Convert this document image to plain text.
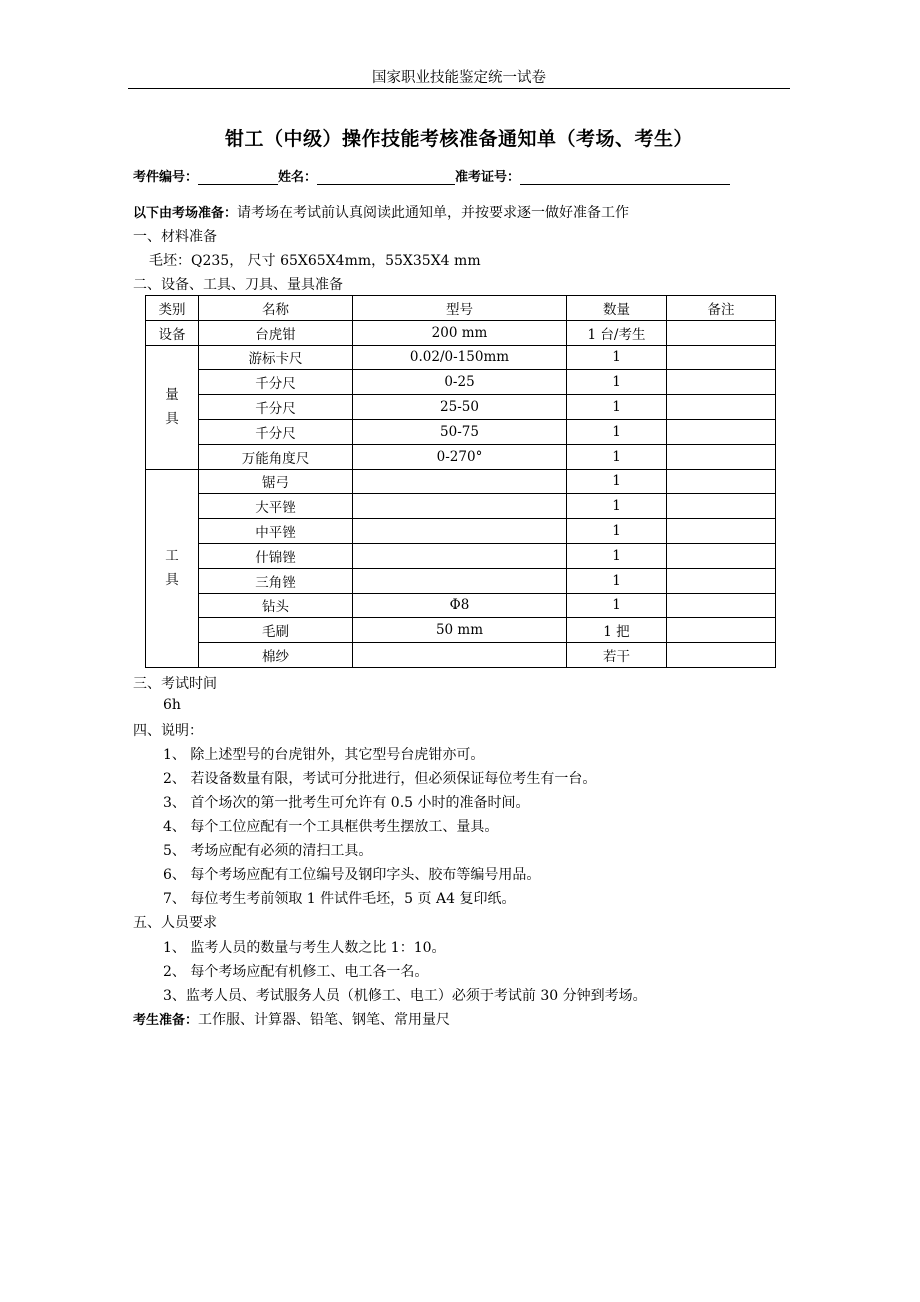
国家职业技能鉴定统一试卷
钳工（中级）操作技能考核准备通知单（考场、考生）
考件编号：	姓名：	准考证号：
以下由考场准备：请考场在考试前认真阅读此通知单，并按要求逐一做好准备工作
一、材料准备
毛坯：Q235， 尺寸 65X65X4mm，55X35X4 mm
二、设备、工具、刀具、量具准备
类别	名称	型号	数量	备注
设备	台虎钳	200 mm	1 台/考生	

量
具	游标卡尺	0.02/0-150mm	1	
	千分尺	0-25	1	
	千分尺	25-50	1	
	千分尺	50-75	1	
	万能角度尺	0-270°	1	

工
具	锯弓		1	
	大平锉		1	
	中平锉		1	
	什锦锉		1	
	三角锉		1	
	钻头	Φ8	1	
	毛刷	50 mm	1 把	
	棉纱		若干	
三、考试时间
6h
四、说明：
1、 除上述型号的台虎钳外，其它型号台虎钳亦可。
2、 若设备数量有限，考试可分批进行，但必须保证每位考生有一台。
3、 首个场次的第一批考生可允许有 0.5 小时的准备时间。
4、 每个工位应配有一个工具框供考生摆放工、量具。
5、 考场应配有必须的清扫工具。
6、 每个考场应配有工位编号及钢印字头、胶布等编号用品。
7、 每位考生考前领取 1 件试件毛坯，5 页 A4 复印纸。
五、人员要求
1、 监考人员的数量与考生人数之比 1：10。
2、 每个考场应配有机修工、电工各一名。
3、监考人员、考试服务人员（机修工、电工）必须于考试前 30 分钟到考场。
考生准备：工作服、计算器、铅笔、钢笔、常用量尺
